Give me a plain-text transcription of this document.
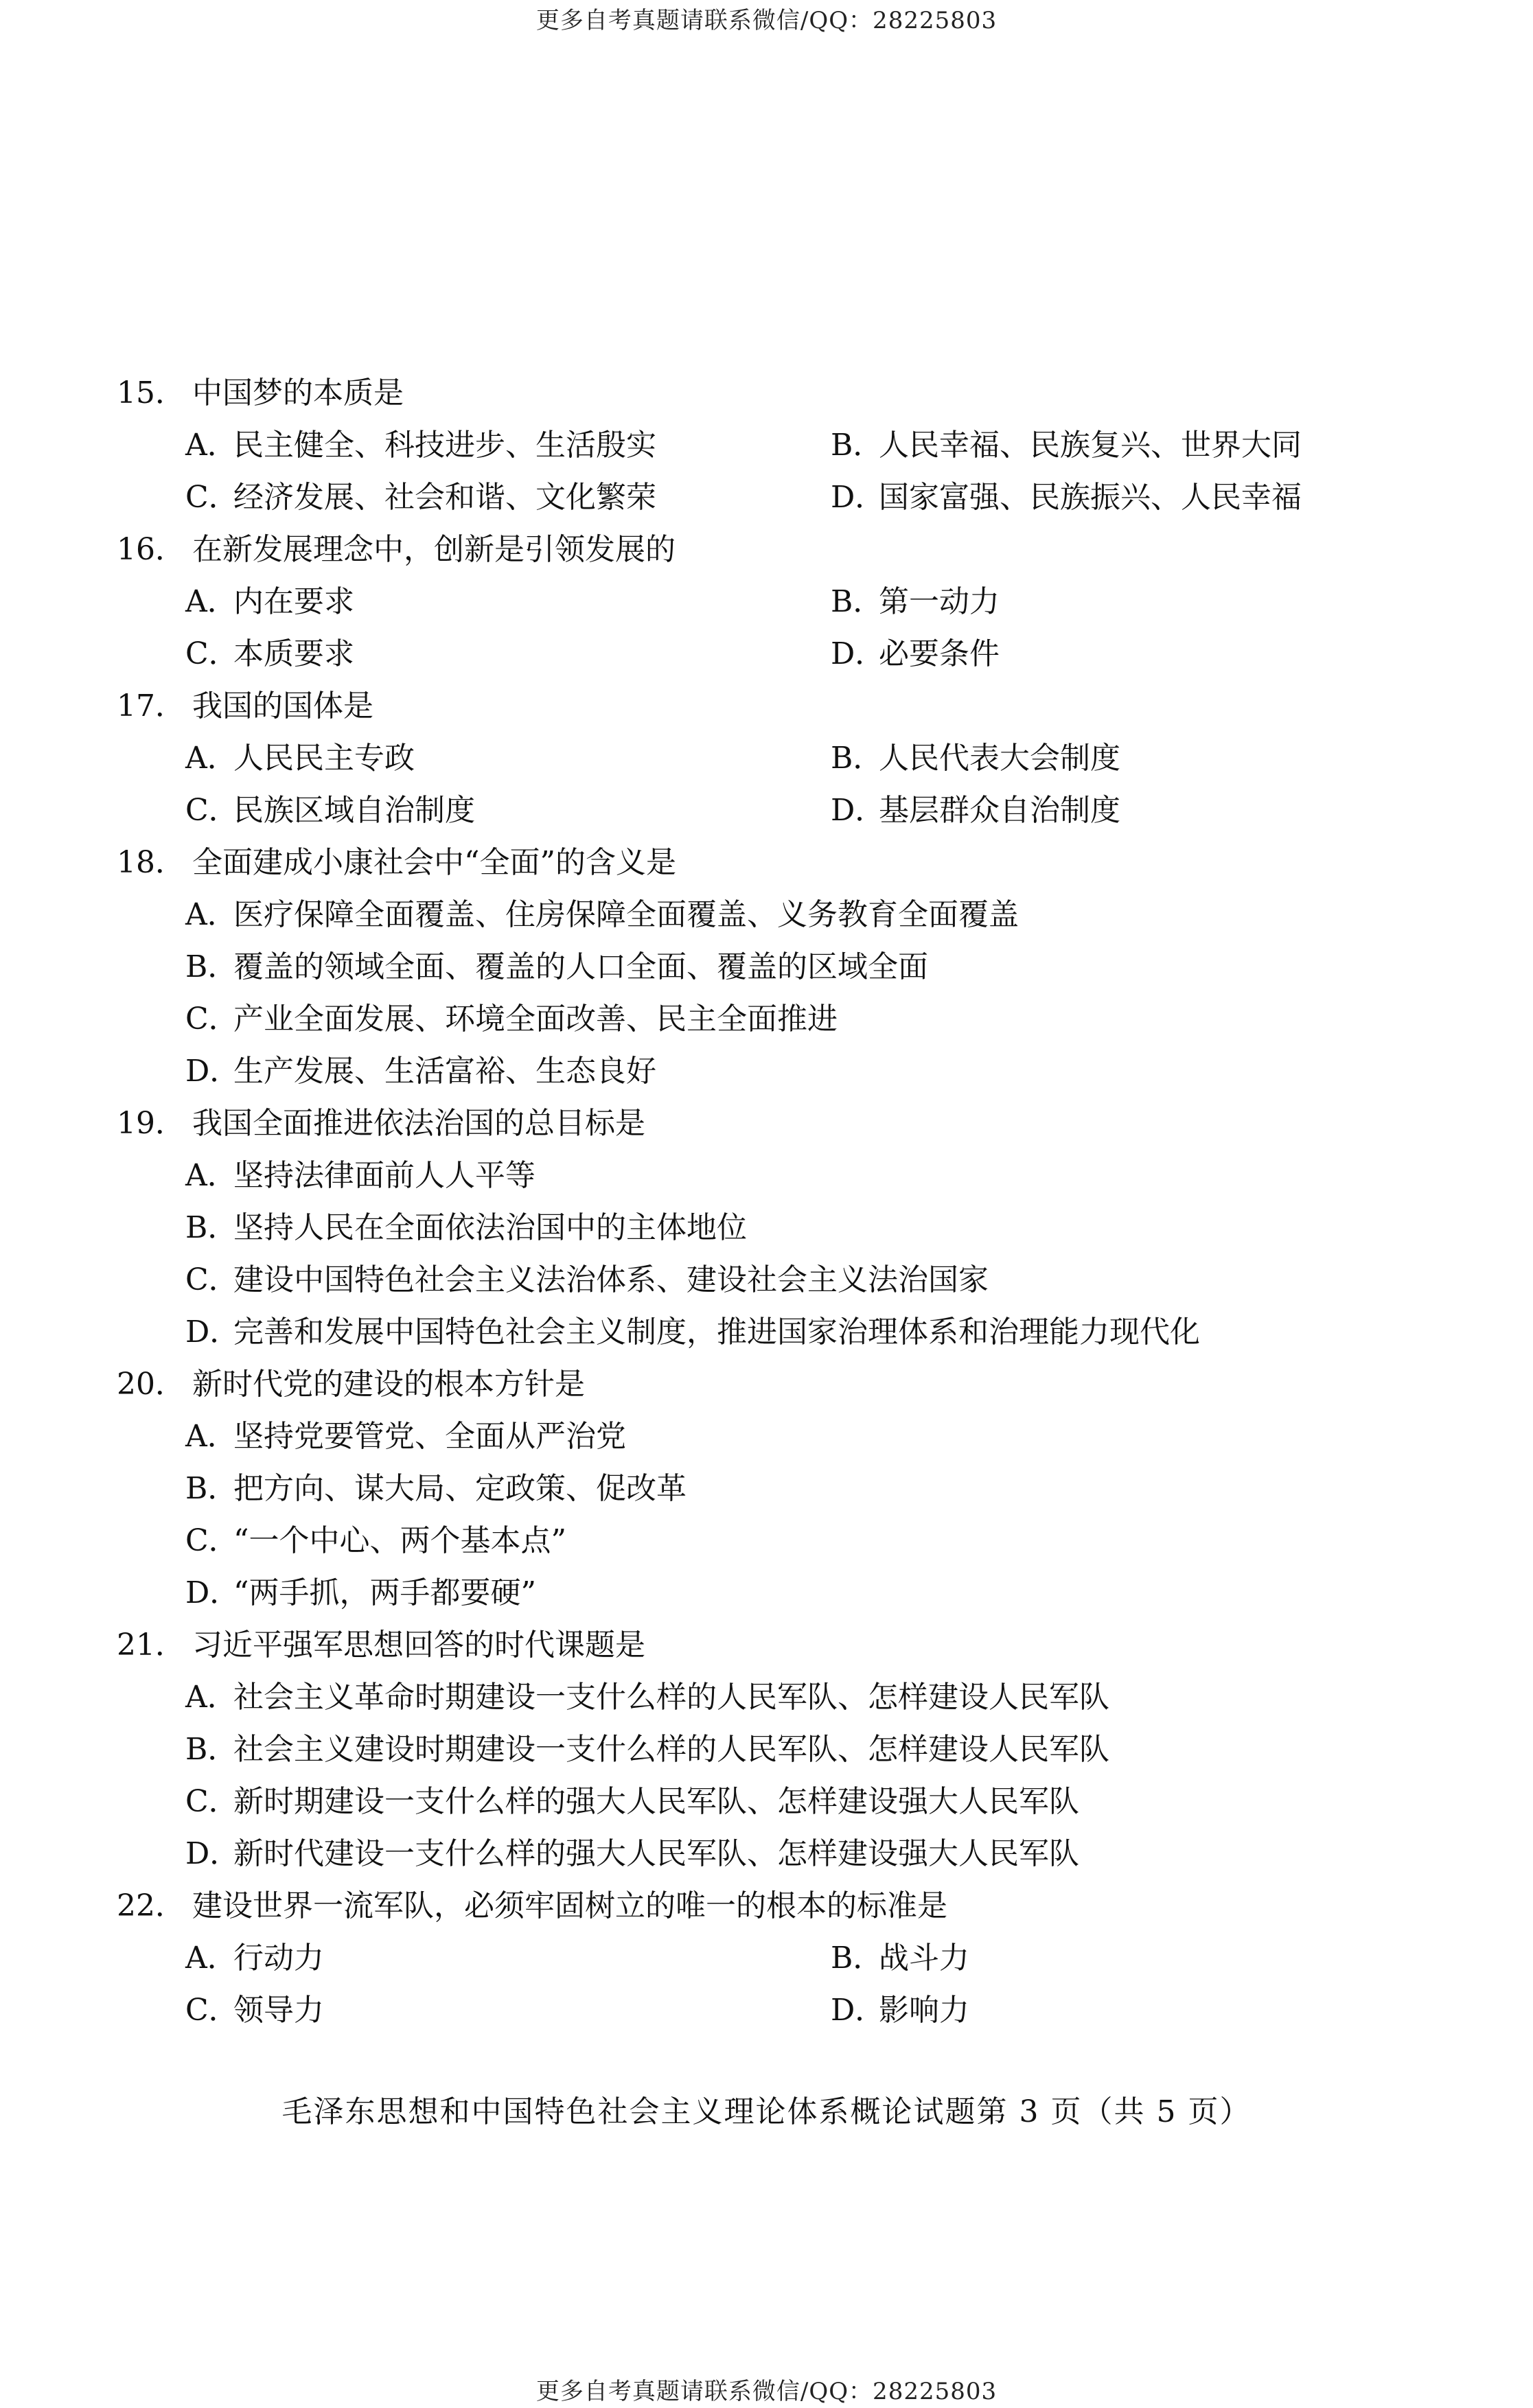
更多自考真题请联系微信/QQ：28225803
15． 中国梦的本质是
A．民主健全、科技进步、生活殷实	B．人民幸福、民族复兴、世界大同
C．经济发展、社会和谐、文化繁荣	D．国家富强、民族振兴、人民幸福
16． 在新发展理念中，创新是引领发展的
A．内在要求	B．第一动力
C．本质要求	D．必要条件
17． 我国的国体是
A．人民民主专政	B．人民代表大会制度
C．民族区域自治制度	D．基层群众自治制度
18． 全面建成小康社会中“全面”的含义是
A．
医疗保障全面覆盖、住房保障全面覆盖、义务教育全面覆盖
B．
覆盖的领域全面、覆盖的人口全面、覆盖的区域全面
C．
产业全面发展、环境全面改善、民主全面推进
D．
生产发展、生活富裕、生态良好
19． 我国全面推进依法治国的总目标是
A．
坚持法律面前人人平等
B．
坚持人民在全面依法治国中的主体地位
C．
建设中国特色社会主义法治体系、建设社会主义法治国家
D．
完善和发展中国特色社会主义制度，推进国家治理体系和治理能力现代化
20． 新时代党的建设的根本方针是
A．
坚持党要管党、全面从严治党
B．
把方向、谋大局、定政策、促改革
C．
“一个中心、两个基本点”
D．
“两手抓，两手都要硬”
21． 习近平强军思想回答的时代课题是
A．
社会主义革命时期建设一支什么样的人民军队、怎样建设人民军队
B．
社会主义建设时期建设一支什么样的人民军队、怎样建设人民军队
C．
新时期建设一支什么样的强大人民军队、怎样建设强大人民军队
D．
新时代建设一支什么样的强大人民军队、怎样建设强大人民军队
22． 建设世界一流军队，必须牢固树立的唯一的根本的标准是
A．行动力	B．战斗力
C．领导力	D．影响力
毛泽东思想和中国特色社会主义理论体系概论试题第 3 页（共 5 页）
更多自考真题请联系微信/QQ：28225803
